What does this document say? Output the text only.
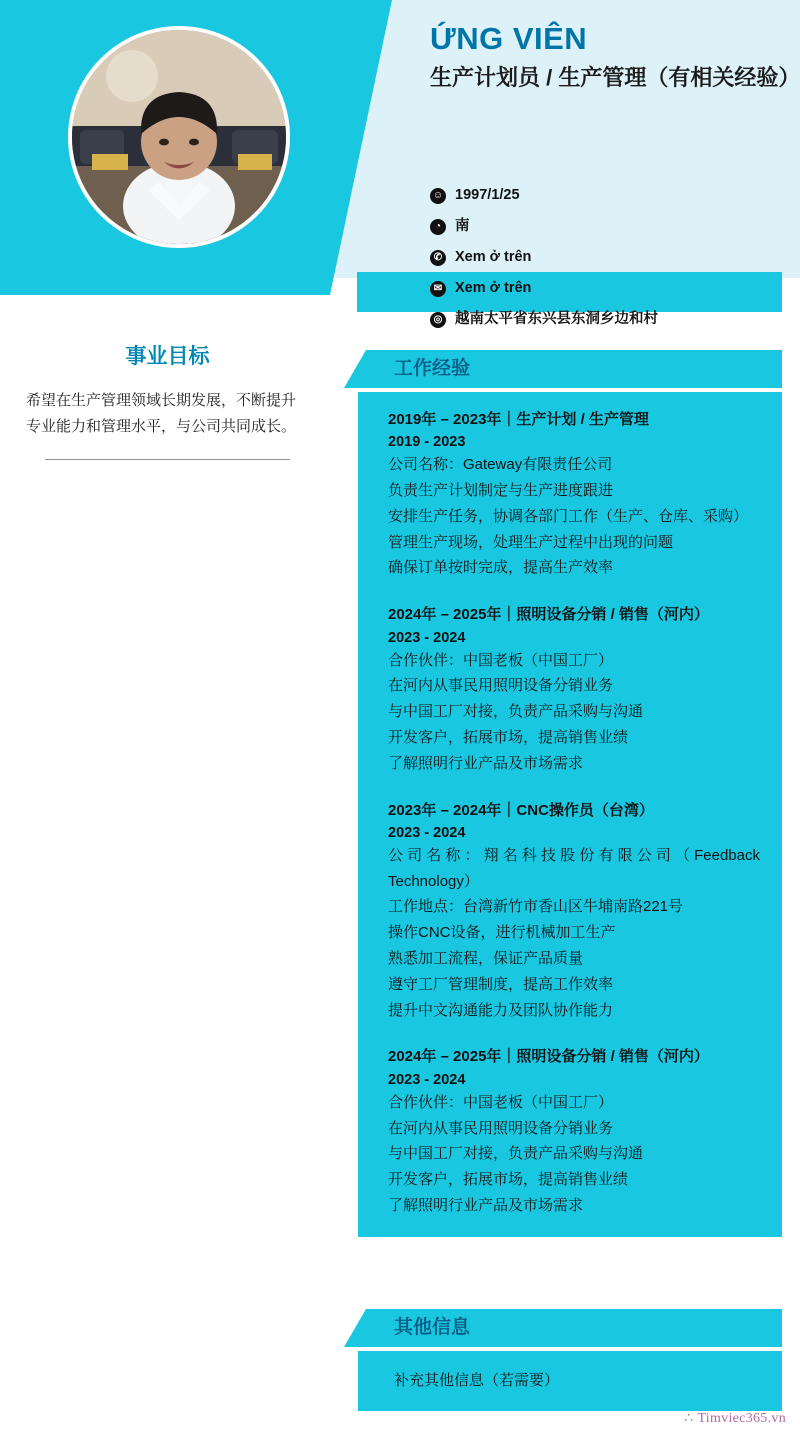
ỨNG VIÊN

生产计划员 / 生产管理（有相关经验）

☺ 1997/1/25
◔ 南
✆ Xem ở trên
✉ Xem ở trên
◎ 越南太平省东兴县东洞乡边和村
事业目标

希望在生产管理领域长期发展，不断提升专业能力和管理水平，与公司共同成长。

工作经验

2019年 – 2023年｜生产计划 / 生产管理

2019 - 2023

公司名称：Gateway有限责任公司

负责生产计划制定与生产进度跟进

安排生产任务，协调各部门工作（生产、仓库、采购）

管理生产现场，处理生产过程中出现的问题

确保订单按时完成，提高生产效率

2024年 – 2025年｜照明设备分销 / 销售（河内）

2023 - 2024

合作伙伴：中国老板（中国工厂）

在河内从事民用照明设备分销业务

与中国工厂对接，负责产品采购与沟通

开发客户，拓展市场，提高销售业绩

了解照明行业产品及市场需求

2023年 – 2024年｜CNC操作员（台湾）

2023 - 2024

公司名称：翔名科技股份有限公司（Feedback Technology）

工作地点：台湾新竹市香山区牛埔南路221号

操作CNC设备，进行机械加工生产

熟悉加工流程，保证产品质量

遵守工厂管理制度，提高工作效率

提升中文沟通能力及团队协作能力

2024年 – 2025年｜照明设备分销 / 销售（河内）

2023 - 2024

合作伙伴：中国老板（中国工厂）

在河内从事民用照明设备分销业务

与中国工厂对接，负责产品采购与沟通

开发客户，拓展市场，提高销售业绩

了解照明行业产品及市场需求

其他信息

补充其他信息（若需要）

∴ Timviec365.vn
